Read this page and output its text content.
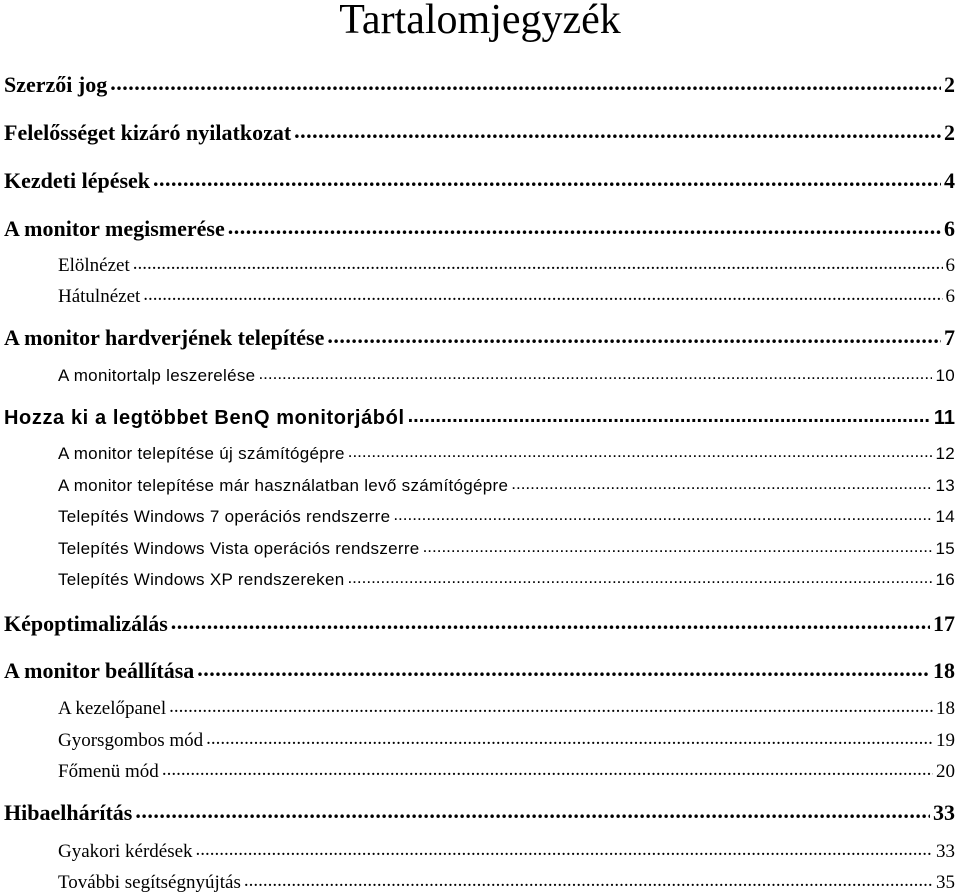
Tartalomjegyzék
Szerzői jog .....	2
Felelősséget kizáró nyilatkozat .....	2
Kezdeti lépések .....	4
A monitor megismerése .....	6
Elölnézet .....	6
Hátulnézet .....	6
A monitor hardverjének telepítése .....	7
A monitortalp leszerelése .....	10
Hozza ki a legtöbbet BenQ monitorjából .....	11
A monitor telepítése új számítógépre .....	12
A monitor telepítése már használatban levő számítógépre .....	13
Telepítés Windows 7 operációs rendszerre .....	14
Telepítés Windows Vista operációs rendszerre .....	15
Telepítés Windows XP rendszereken .....	16
Képoptimalizálás .....	17
A monitor beállítása .....	18
A kezelőpanel .....	18
Gyorsgombos mód .....	19
Főmenü mód .....	20
Hibaelhárítás .....	33
Gyakori kérdések .....	33
További segítségnyújtás .....	35
